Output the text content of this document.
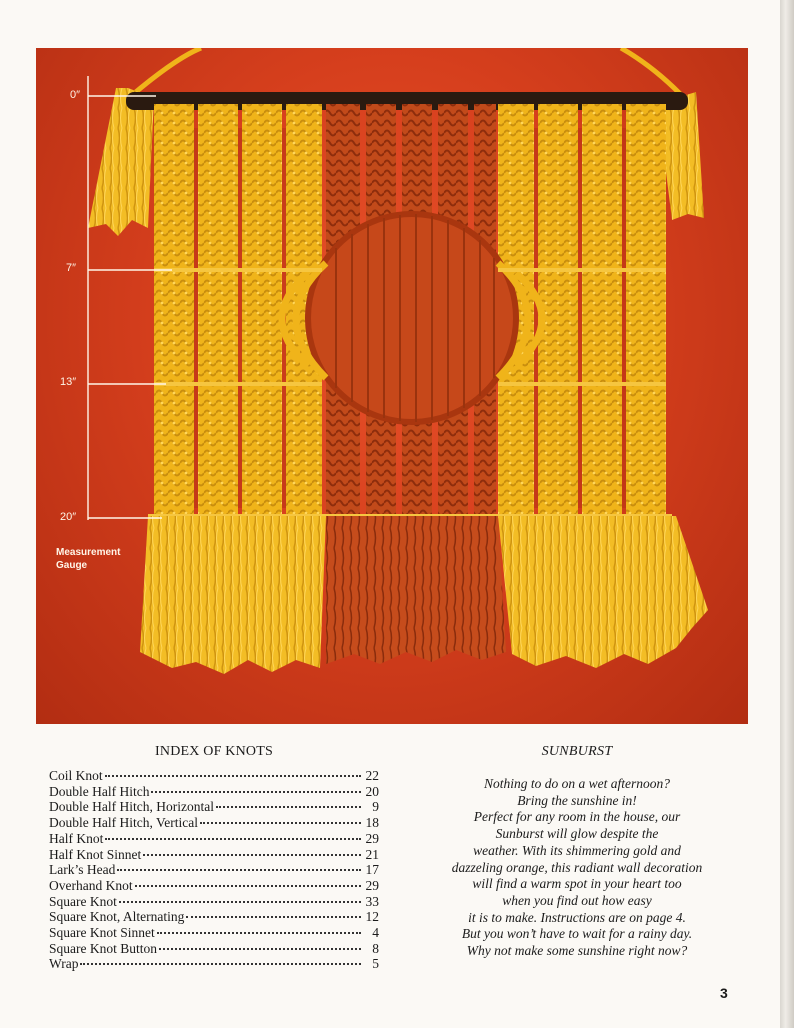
0″
7″
13″
20″
Measurement
Gauge
INDEX OF KNOTS
Coil Knot	22
Double Half Hitch	20
Double Half Hitch, Horizontal	9
Double Half Hitch, Vertical	18
Half Knot	29
Half Knot Sinnet	21
Lark’s Head	17
Overhand Knot	29
Square Knot	33
Square Knot, Alternating	12
Square Knot Sinnet	4
Square Knot Button	8
Wrap	5
SUNBURST

Nothing to do on a wet afternoon?
Bring the sunshine in!
Perfect for any room in the house, our
Sunburst will glow despite the
weather. With its shimmering gold and
dazzeling orange, this radiant wall decoration
will find a warm spot in your heart too
when you find out how easy
it is to make. Instructions are on page 4.
But you won’t have to wait for a rainy day.
Why not make some sunshine right now?

3
